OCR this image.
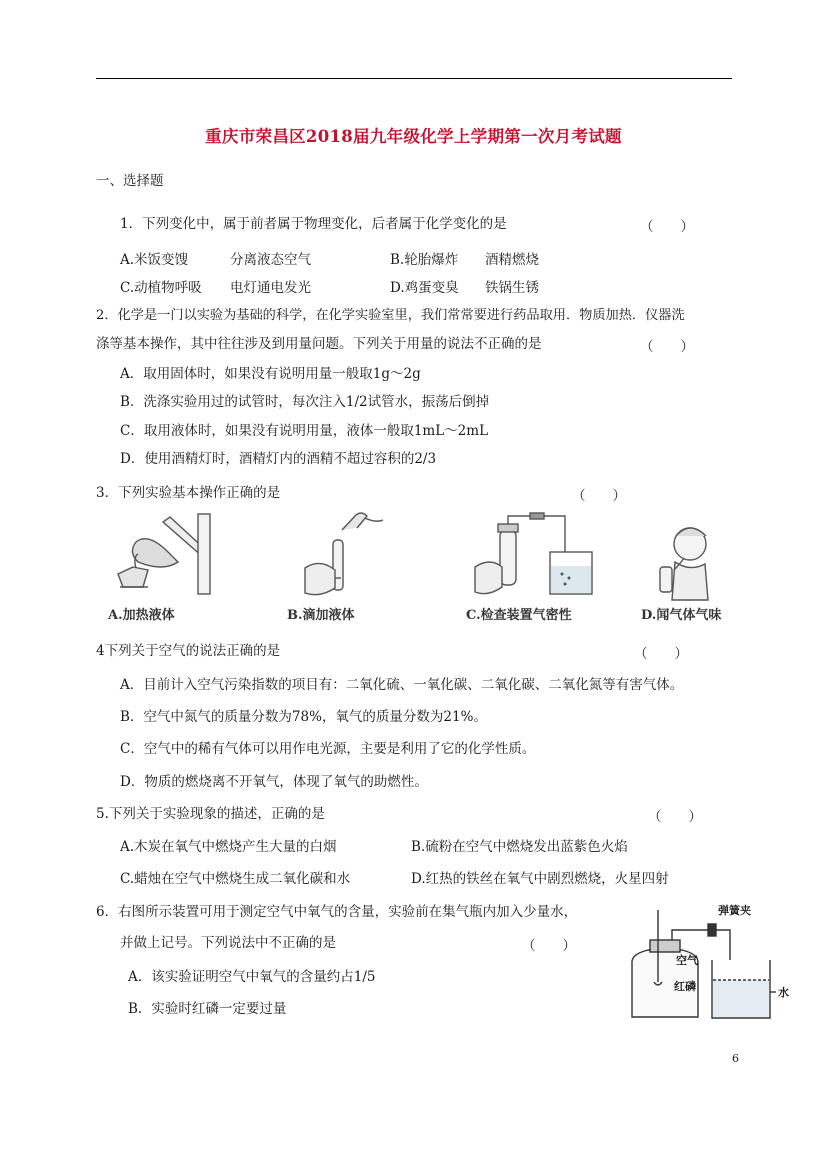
重庆市荣昌区2018届九年级化学上学期第一次月考试题
一、选择题
1．下列变化中，属于前者属于物理变化，后者属于化学变化的是	（　　）
A.米饭变馊	分离液态空气	B.轮胎爆炸 酒精燃烧
C.动植物呼吸 电灯通电发光	D.鸡蛋变臭 铁锅生锈
2．化学是一门以实验为基础的科学，在化学实验室里，我们常常要进行药品取用．物质加热．仪器洗
涤等基本操作，其中往往涉及到用量问题。下列关于用量的说法不正确的是	（　　）
A．取用固体时，如果没有说明用量一般取1g～2g
B．洗涤实验用过的试管时，每次注入1/2试管水，振荡后倒掉
C．取用液体时，如果没有说明用量，液体一般取1mL～2mL
D．使用酒精灯时，酒精灯内的酒精不超过容积的2/3
3．下列实验基本操作正确的是	（　　）
A.加热液体	B.滴加液体	C.检查装置气密性	D.闻气体气味
4下列关于空气的说法正确的是	（　　）
A．目前计入空气污染指数的项目有：二氧化硫、一氧化碳、二氧化碳、二氧化氮等有害气体。
B．空气中氮气的质量分数为78%，氧气的质量分数为21%。
C．空气中的稀有气体可以用作电光源，主要是利用了它的化学性质。
D．物质的燃烧离不开氧气，体现了氧气的助燃性。
5.下列关于实验现象的描述，正确的是	（　　）
A.木炭在氧气中燃烧产生大量的白烟	B.硫粉在空气中燃烧发出蓝紫色火焰
C.蜡烛在空气中燃烧生成二氧化碳和水	D.红热的铁丝在氧气中剧烈燃烧，火星四射
6．右图所示装置可用于测定空气中氧气的含量，实验前在集气瓶内加入少量水，
并做上记号。下列说法中不正确的是	（　　）
A．该实验证明空气中氧气的含量约占1/5
B．实验时红磷一定要过量
弹簧夹
空气
红磷	水
6
